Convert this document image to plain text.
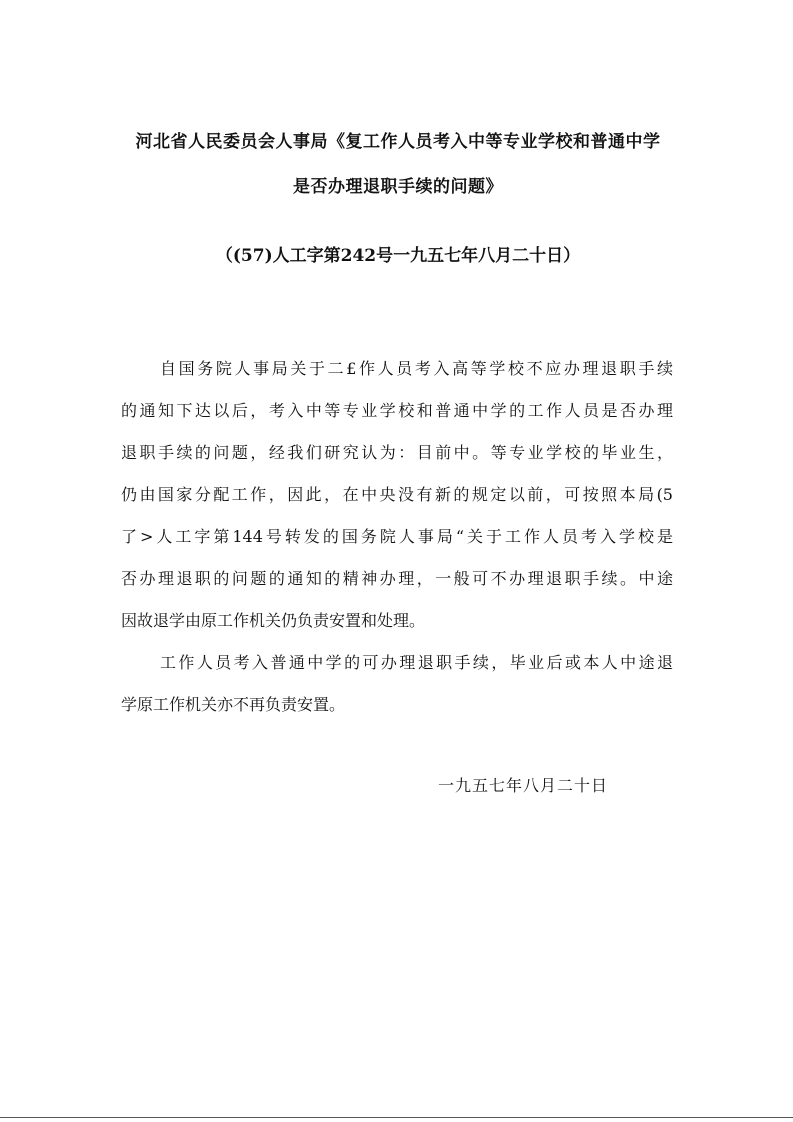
河北省人民委员会人事局《复工作人员考入中等专业学校和普通中学
是否办理退职手续的问题》
（(57)人工字第242号一九五七年八月二十日）
自国务院人事局关于二£作人员考入高等学校不应办理退职手续
的通知下达以后，考入中等专业学校和普通中学的工作人员是否办理
退职手续的问题，经我们研究认为：目前中。等专业学校的毕业生，
仍由国家分配工作，因此，在中央没有新的规定以前，可按照本局(5
了>人工字第144号转发的国务院人事局“关于工作人员考入学校是
否办理退职的问题的通知的精神办理，一般可不办理退职手续。中途
因故退学由原工作机关仍负责安置和处理。
工作人员考入普通中学的可办理退职手续，毕业后或本人中途退
学原工作机关亦不再负责安置。
一九五七年八月二十日
